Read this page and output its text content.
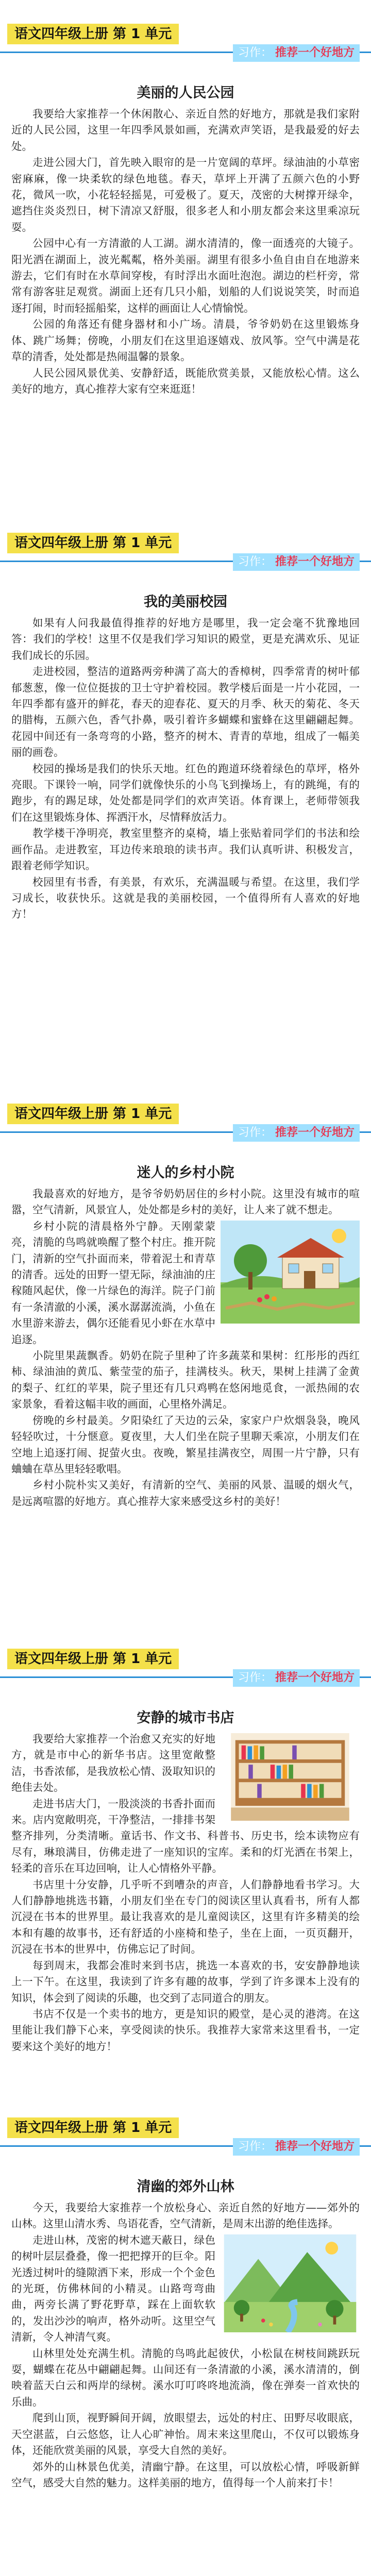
​
语文四年级上册 第 1 单元
习作： 推荐一个好地方
美丽的人民公园

我要给大家推荐一个休闲散心、亲近自然的好地方，那就是我们家附近的人民公园，这里一年四季风景如画，充满欢声笑语，是我最爱的好去处。

走进公园大门，首先映入眼帘的是一片宽阔的草坪。绿油油的小草密密麻麻，像一块柔软的绿色地毯。春天，草坪上开满了五颜六色的小野花，微风一吹，小花轻轻摇晃，可爱极了。夏天，茂密的大树撑开绿伞，遮挡住炎炎烈日，树下清凉又舒服，很多老人和小朋友都会来这里乘凉玩耍。

公园中心有一方清澈的人工湖。湖水清清的，像一面透亮的大镜子。阳光洒在湖面上，波光粼粼，格外美丽。湖里有很多小鱼自由自在地游来游去，它们有时在水草间穿梭，有时浮出水面吐泡泡。湖边的栏杆旁，常常有游客驻足观赏。湖面上还有几只小船，划船的人们说说笑笑，时而追逐打闹，时而轻摇船桨，这样的画面让人心情愉悦。

公园的角落还有健身器材和小广场。清晨，爷爷奶奶在这里锻炼身体、跳广场舞；傍晚，小朋友们在这里追逐嬉戏、放风筝。空气中满是花草的清香，处处都是热闹温馨的景象。

人民公园风景优美、安静舒适，既能欣赏美景，又能放松心情。这么美好的地方，真心推荐大家有空来逛逛！

语文四年级上册 第 1 单元
习作： 推荐一个好地方
我的美丽校园

如果有人问我最值得推荐的好地方是哪里，我一定会毫不犹豫地回答：我们的学校！这里不仅是我们学习知识的殿堂，更是充满欢乐、见证我们成长的乐园。

走进校园，整洁的道路两旁种满了高大的香樟树，四季常青的树叶郁郁葱葱，像一位位挺拔的卫士守护着校园。教学楼后面是一片小花园，一年四季都有盛开的鲜花，春天的迎春花、夏天的月季、秋天的菊花、冬天的腊梅，五颜六色，香气扑鼻，吸引着许多蝴蝶和蜜蜂在这里翩翩起舞。花园中间还有一条弯弯的小路，整齐的树木、青青的草地，组成了一幅美丽的画卷。

校园的操场是我们的快乐天地。红色的跑道环绕着绿色的草坪，格外亮眼。下课铃一响，同学们就像快乐的小鸟飞到操场上，有的跳绳，有的跑步，有的踢足球，处处都是同学们的欢声笑语。体育课上，老师带领我们在这里锻炼身体、挥洒汗水，尽情释放活力。

教学楼干净明亮，教室里整齐的桌椅，墙上张贴着同学们的书法和绘画作品。走进教室，耳边传来琅琅的读书声。我们认真听讲、积极发言，跟着老师学知识。

校园里有书香，有美景，有欢乐，充满温暖与希望。在这里，我们学习成长，收获快乐。这就是我的美丽校园，一个值得所有人喜欢的好地方！

语文四年级上册 第 1 单元
习作： 推荐一个好地方
迷人的乡村小院

我最喜欢的好地方，是爷爷奶奶居住的乡村小院。这里没有城市的喧嚣，空气清新，风景宜人，处处都是乡村的美好，让人来了就不想走。

乡村小院的清晨格外宁静。天刚蒙蒙亮，清脆的鸟鸣就唤醒了整个村庄。推开院门，清新的空气扑面而来，带着泥土和青草的清香。远处的田野一望无际，绿油油的庄稼随风起伏，像一片绿色的海洋。院子门前有一条清澈的小溪，溪水潺潺流淌，小鱼在水里游来游去，偶尔还能看见小虾在水草中追逐。

小院里果蔬飘香。奶奶在院子里种了许多蔬菜和果树：红彤彤的西红柿、绿油油的黄瓜、紫莹莹的茄子，挂满枝头。秋天，果树上挂满了金黄的梨子、红红的苹果，院子里还有几只鸡鸭在悠闲地觅食，一派热闹的农家景象，看着这幅丰收的画面，心里格外满足。

傍晚的乡村最美。夕阳染红了天边的云朵，家家户户炊烟袅袅，晚风轻轻吹过，十分惬意。夏夜里，大人们坐在院子里聊天乘凉，小朋友们在空地上追逐打闹、捉萤火虫。夜晚，繁星挂满夜空，周围一片宁静，只有蛐蛐在草丛里轻轻歌唱。

乡村小院朴实又美好，有清新的空气、美丽的风景、温暖的烟火气，是远离喧嚣的好地方。真心推荐大家来感受这乡村的美好！

语文四年级上册 第 1 单元
习作： 推荐一个好地方
安静的城市书店

我要给大家推荐一个治愈又充实的好地方，就是市中心的新华书店。这里宽敞整洁，书香浓郁，是我放松心情、汲取知识的绝佳去处。

走进书店大门，一股淡淡的书香扑面而来。店内宽敞明亮，干净整洁，一排排书架整齐排列，分类清晰。童话书、作文书、科普书、历史书，绘本读物应有尽有，琳琅满目，仿佛走进了一座知识的宝库。柔和的灯光洒在书架上，轻柔的音乐在耳边回响，让人心情格外平静。

书店里十分安静，几乎听不到嘈杂的声音，人们静静地看书学习。大人们静静地挑选书籍，小朋友们坐在专门的阅读区里认真看书，所有人都沉浸在书本的世界里。最让我喜欢的是儿童阅读区，这里有许多精美的绘本和有趣的故事书，还有舒适的小座椅和垫子，坐在上面，一页页翻开，沉浸在书本的世界中，仿佛忘记了时间。

每到周末，我都会准时来到书店，挑选一本喜欢的书，安安静静地读上一下午。在这里，我读到了许多有趣的故事，学到了许多课本上没有的知识，体会到了阅读的乐趣，也交到了志同道合的朋友。

书店不仅是一个卖书的地方，更是知识的殿堂，是心灵的港湾。在这里能让我们静下心来，享受阅读的快乐。我推荐大家常来这里看书，一定要来这个美好的地方！

语文四年级上册 第 1 单元
习作： 推荐一个好地方
清幽的郊外山林

今天，我要给大家推荐一个放松身心、亲近自然的好地方——郊外的山林。这里山清水秀、鸟语花香，空气清新，是周末出游的绝佳选择。

走进山林，茂密的树木遮天蔽日，绿色的树叶层层叠叠，像一把把撑开的巨伞。阳光透过树叶的缝隙洒下来，形成一个个金色的光斑，仿佛林间的小精灵。山路弯弯曲曲，两旁长满了野花野草，踩在上面软软的，发出沙沙的响声，格外动听。这里空气清新，令人神清气爽。

山林里处处充满生机。清脆的鸟鸣此起彼伏，小松鼠在树枝间跳跃玩耍，蝴蝶在花丛中翩翩起舞。山间还有一条清澈的小溪，溪水清清的，倒映着蓝天白云和两岸的绿树。溪水叮叮咚咚地流淌，像在弹奏一首欢快的乐曲。

爬到山顶，视野瞬间开阔，放眼望去，远处的村庄、田野尽收眼底，天空湛蓝，白云悠悠，让人心旷神怡。周末来这里爬山，不仅可以锻炼身体，还能欣赏美丽的风景，享受大自然的美好。

郊外的山林景色优美，清幽宁静。在这里，可以放松心情，呼吸新鲜空气，感受大自然的魅力。这样美丽的地方，值得每一个人前来打卡！
